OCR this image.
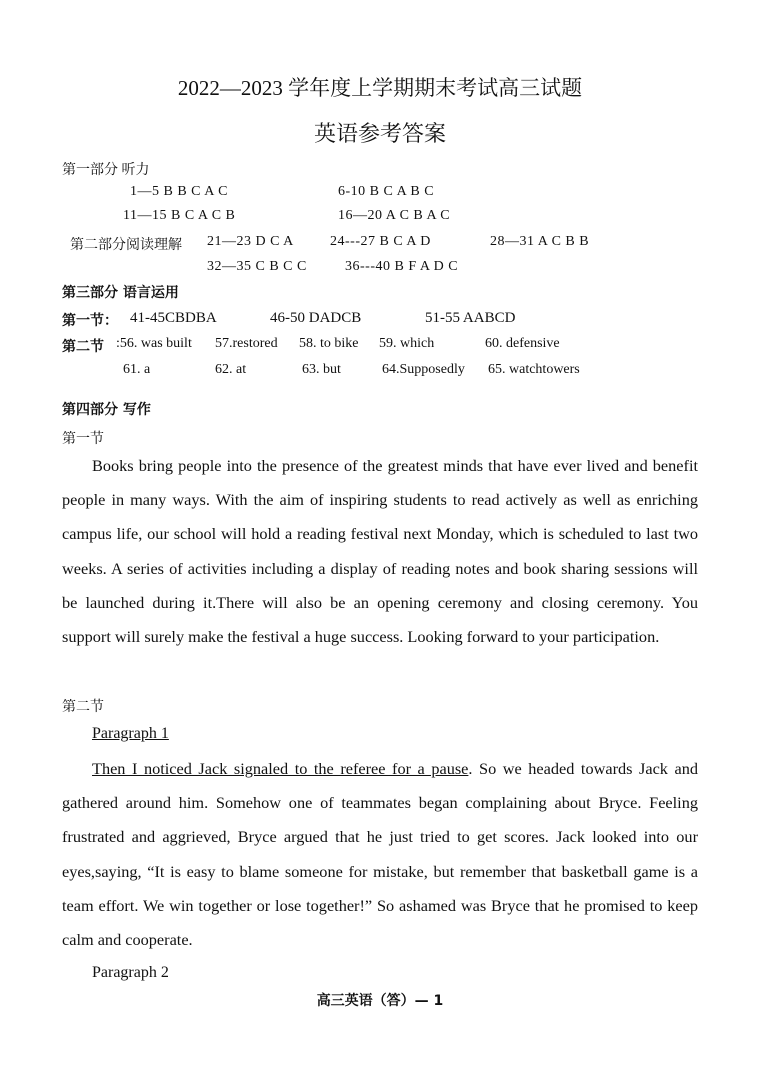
2022—2023 学年度上学期期末考试高三试题
英语参考答案
第一部分 听力
1—5 B B C A C	6-10 B C A B C
11—15 B C A C B	16—20 A C B A C
第二部分阅读理解 21—23 D C A	24---27 B C A D	28—31 A C B B
32—35 C B C C	36---40 B F A D C
第三部分 语言运用
第一节： 41-45CBDBA	46-50 DADCB	51-55 AABCD
第二节 :56. was built 57.restored 58. to bike 59. which	60. defensive
61. a	62. at	63. but	64.Supposedly 65. watchtowers
第四部分 写作
第一节
Books bring people into the presence of the greatest minds that have ever lived and benefit people in many ways. With the aim of inspiring students to read actively as well as enriching campus life, our school will hold a reading festival next Monday, which is scheduled to last two weeks. A series of activities including a display of reading notes and book sharing sessions will be launched during it.There will also be an opening ceremony and closing ceremony. You support will surely make the festival a huge success. Looking forward to your participation.
第二节
Paragraph 1
Then I noticed Jack signaled to the referee for a pause. So we headed towards Jack and gathered around him. Somehow one of teammates began complaining about Bryce. Feeling frustrated and aggrieved, Bryce argued that he just tried to get scores. Jack looked into our eyes,saying, “It is easy to blame someone for mistake, but remember that basketball game is a team effort. We win together or lose together!” So ashamed was Bryce that he promised to keep calm and cooperate.
Paragraph 2
高三英语（答）— 1
